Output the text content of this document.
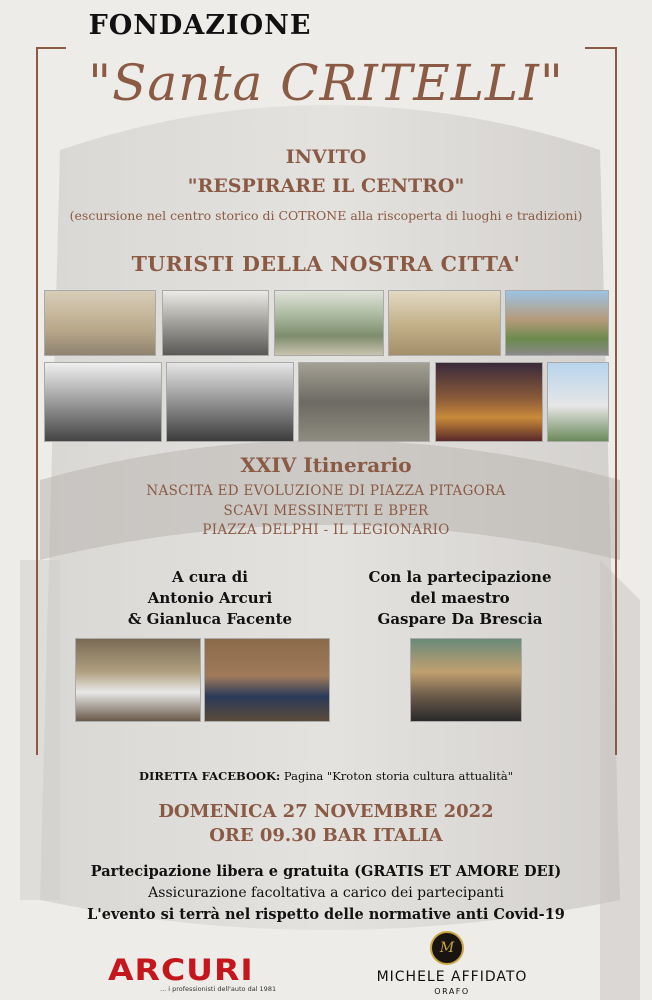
FONDAZIONE
"Santa CRITELLI"
INVITO
"RESPIRARE IL CENTRO"
(escursione nel centro storico di COTRONE alla riscoperta di luoghi e tradizioni)
TURISTI DELLA NOSTRA CITTA'
XXIV Itinerario
NASCITA ED EVOLUZIONE DI PIAZZA PITAGORA
SCAVI MESSINETTI E BPER
PIAZZA DELPHI - IL LEGIONARIO
A cura di
Antonio Arcuri
& Gianluca Facente
Con la partecipazione
del maestro
Gaspare Da Brescia
DIRETTA FACEBOOK: Pagina "Kroton storia cultura attualità"
DOMENICA 27 NOVEMBRE 2022
ORE 09.30 BAR ITALIA
Partecipazione libera e gratuita (GRATIS ET AMORE DEI)
Assicurazione facoltativa a carico dei partecipanti
L'evento si terrà nel rispetto delle normative anti Covid-19
ARCURI
... i professionisti dell'auto dal 1981
M
MICHELE AFFIDATO
ORAFO
